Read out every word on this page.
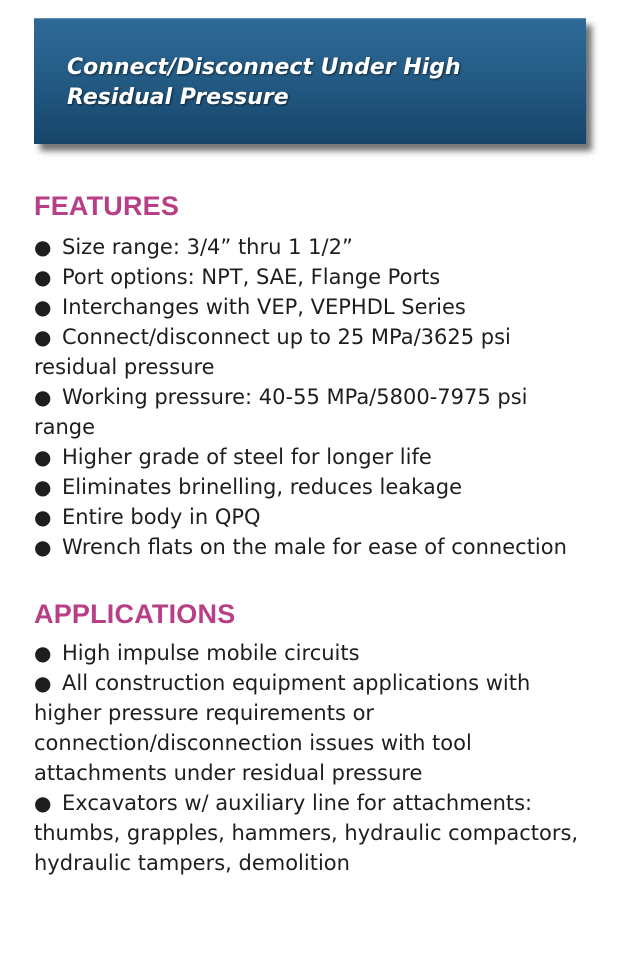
Connect/Disconnect Under High Residual Pressure
FEATURES
● Size range: 3/4” thru 1 1/2”
● Port options: NPT, SAE, Flange Ports
● Interchanges with VEP, VEPHDL Series
● Connect/disconnect up to 25 MPa/3625 psi residual pressure
● Working pressure: 40-55 MPa/5800-7975 psi range
● Higher grade of steel for longer life
● Eliminates brinelling, reduces leakage
● Entire body in QPQ
● Wrench flats on the male for ease of connection
APPLICATIONS
● High impulse mobile circuits
● All construction equipment applications with higher pressure requirements or connection/disconnection issues with tool attachments under residual pressure
● Excavators w/ auxiliary line for attachments: thumbs, grapples, hammers, hydraulic compactors, hydraulic tampers, demolition
